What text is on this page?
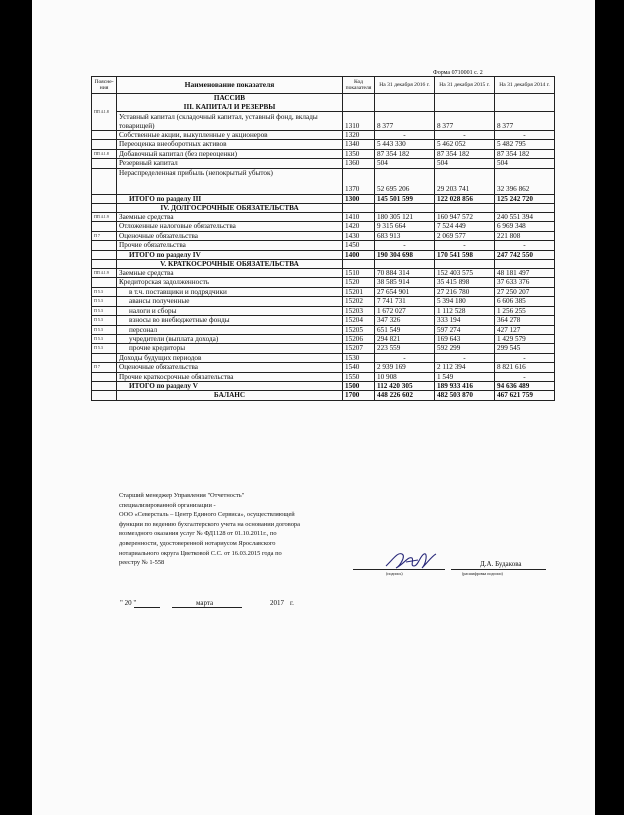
Форма 0710001 с. 2
Поясне-ния	Наименование показателя	Код показателя	На 31 декабря 2016 г.	На 31 декабря 2015 г.	На 31 декабря 2014 г.
ПП 4.1.8	ПАССИВ
III. КАПИТАЛ И РЕЗЕРВЫ				

	Уставный капитал (складочный капитал, уставный фонд, вклады товарищей)	1310	8 377	8 377	8 377
	Собственные акции, выкупленные у акционеров	1320	-	-	-
	Переоценка внеоборотных активов	1340	5 443 330	5 462 052	5 482 795
ПП 4.1.8	Добавочный капитал (без переоценки)	1350	87 354 182	87 354 182	87 354 182
	Резервный капитал	1360	504	504	504
	Нераспределенная прибыль (непокрытый убыток)	1370	52 695 206	29 203 741	32 396 862
	ИТОГО по разделу III	1300	145 501 599	122 028 856	125 242 720
	IV. ДОЛГОСРОЧНЫЕ ОБЯЗАТЕЛЬСТВА				
ПП 4.1.9	Заемные средства	1410	180 305 121	160 947 572	240 551 394
	Отложенные налоговые обязательства	1420	9 315 664	7 524 449	6 969 348
П 7	Оценочные обязательства	1430	683 913	2 069 577	221 808
	Прочие обязательства	1450	-	-	-
	ИТОГО по разделу IV	1400	190 304 698	170 541 598	247 742 550
	V. КРАТКОСРОЧНЫЕ ОБЯЗАТЕЛЬСТВА				
ПП 4.1.9	Заемные средства	1510	70 884 314	152 403 575	48 181 497
	Кредиторская задолженность	1520	38 585 914	35 415 898	37 633 376
П 5.3	в т.ч. поставщики и подрядчики	15201	27 654 901	27 216 780	27 250 207
П 5.3	авансы полученные	15202	7 741 731	5 394 180	6 606 385
П 5.3	налоги и сборы	15203	1 672 027	1 112 528	1 256 255
П 5.3	взносы во внебюджетные фонды	15204	347 326	333 194	364 278
П 5.3	персонал	15205	651 549	597 274	427 127
П 5.3	учредители (выплата дохода)	15206	294 821	169 643	1 429 579
П 5.3	прочие кредиторы	15207	223 559	592 299	299 545
	Доходы будущих периодов	1530	-	-	-
П 7	Оценочные обязательства	1540	2 939 169	2 112 394	8 821 616
	Прочие краткосрочные обязательства	1550	10 908	1 549	-
	ИТОГО по разделу V	1500	112 420 305	189 933 416	94 636 489
	БАЛАНС	1700	448 226 602	482 503 870	467 621 759
Старший менеджер Управления "Отчетность"
специализированной организации -
ООО «Северсталь – Центр Единого Сервиса», осуществляющей
функции по ведению бухгалтерского учета на основании договора
возмездного оказания услуг № ФД1128 от 01.10.2011г., по
доверенности, удостоверенной нотариусом Ярославского
нотариального округа Цветковой С.С. от 16.03.2015 года по
реестру № 1-558	Д.А. Будакова
(подпись)	(расшифровка подписи)
" 20 "	марта	2017 г.
